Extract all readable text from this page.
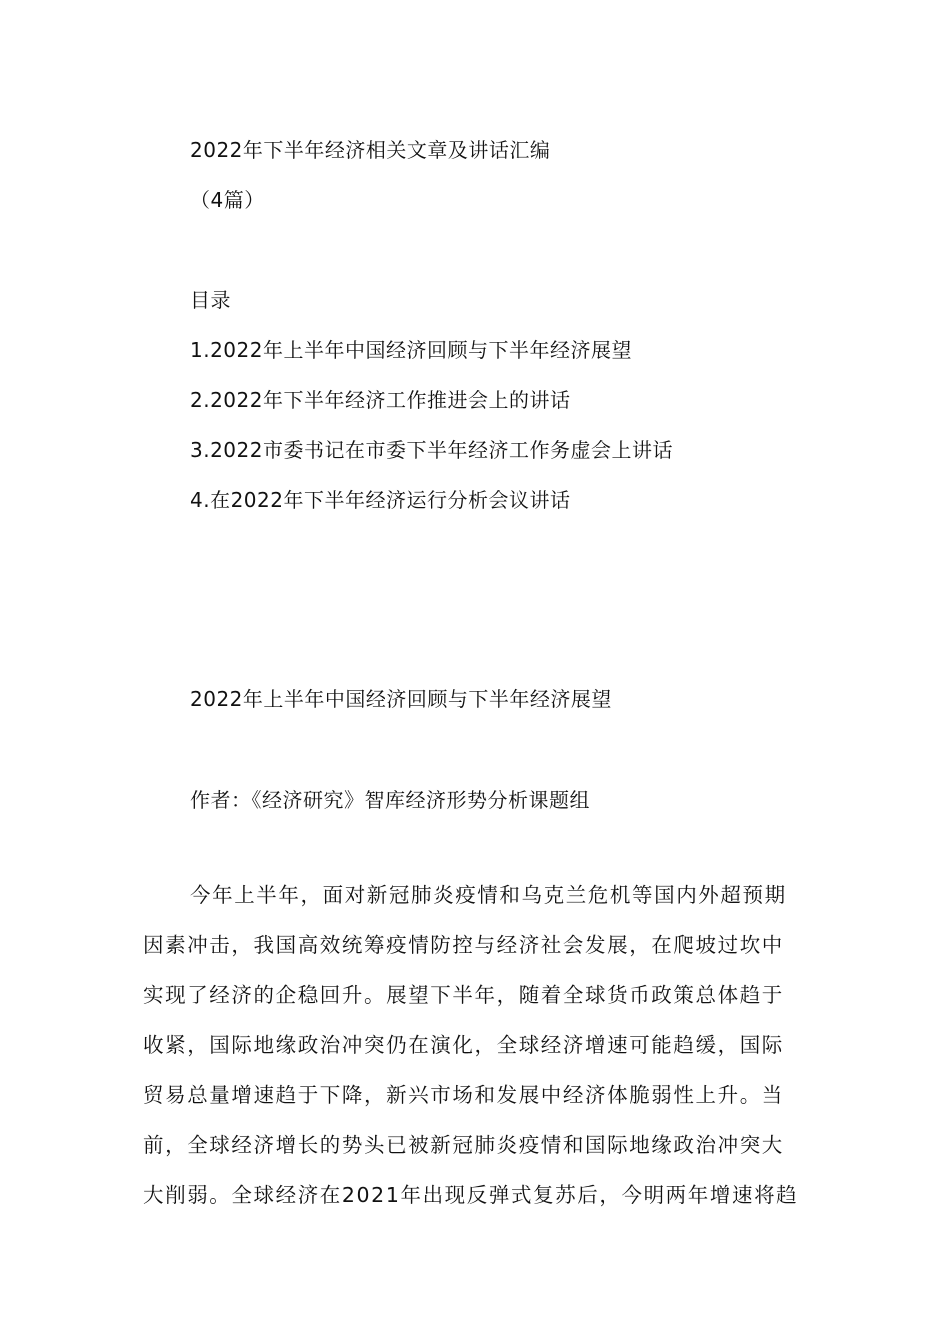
2022年下半年经济相关文章及讲话汇编
（4篇）
目录
1.2022年上半年中国经济回顾与下半年经济展望
2.2022年下半年经济工作推进会上的讲话
3.2022市委书记在市委下半年经济工作务虚会上讲话
4.在2022年下半年经济运行分析会议讲话
2022年上半年中国经济回顾与下半年经济展望
作者：《经济研究》智库经济形势分析课题组
今年上半年，面对新冠肺炎疫情和乌克兰危机等国内外超预期
因素冲击，我国高效统筹疫情防控与经济社会发展，在爬坡过坎中
实现了经济的企稳回升。展望下半年，随着全球货币政策总体趋于
收紧，国际地缘政治冲突仍在演化，全球经济增速可能趋缓，国际
贸易总量增速趋于下降，新兴市场和发展中经济体脆弱性上升。当
前，全球经济增长的势头已被新冠肺炎疫情和国际地缘政治冲突大
大削弱。全球经济在2021年出现反弹式复苏后，今明两年增速将趋
